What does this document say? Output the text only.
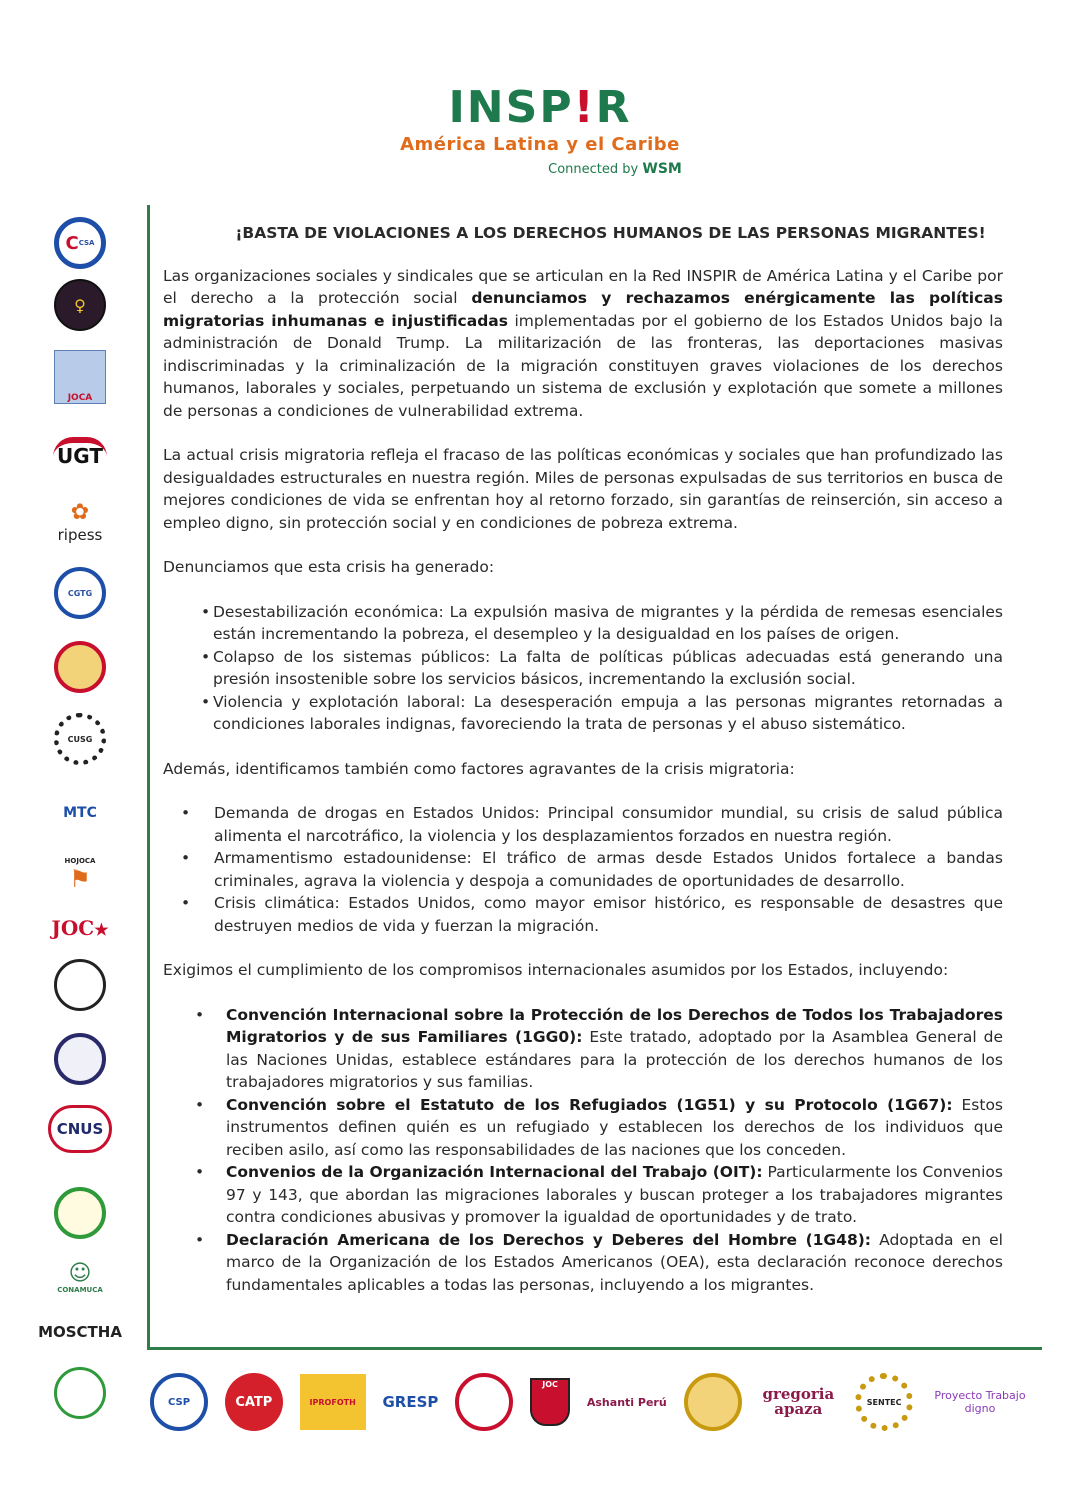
INSP!R
América Latina y el Caribe
Connected by WSM
C CSA
♀
JOCA
UGT
✿
ripess
CGTG
CUSG
MTC
HOJOCA
⚑
JOC★
CNUS
☺
CONAMUCA
MOSCTHA
CSP	CATP	IPROFOTH	GRESP
JOC
Ashanti Perú	gregoria apaza	SENTEC	Proyecto Trabajo digno
¡BASTA DE VIOLACIONES A LOS DERECHOS HUMANOS DE LAS PERSONAS MIGRANTES!

Las organizaciones sociales y sindicales que se articulan en la Red INSPIR de América Latina y el Caribe por el derecho a la protección social denunciamos y rechazamos enérgicamente las políticas migratorias inhumanas e injustificadas implementadas por el gobierno de los Estados Unidos bajo la administración de Donald Trump. La militarización de las fronteras, las deportaciones masivas indiscriminadas y la criminalización de la migración constituyen graves violaciones de los derechos humanos, laborales y sociales, perpetuando un sistema de exclusión y explotación que somete a millones de personas a condiciones de vulnerabilidad extrema.

La actual crisis migratoria refleja el fracaso de las políticas económicas y sociales que han profundizado las desigualdades estructurales en nuestra región. Miles de personas expulsadas de sus territorios en busca de mejores condiciones de vida se enfrentan hoy al retorno forzado, sin garantías de reinserción, sin acceso a empleo digno, sin protección social y en condiciones de pobreza extrema.

Denunciamos que esta crisis ha generado:

• Desestabilización económica: La expulsión masiva de migrantes y la pérdida de remesas esenciales están incrementando la pobreza, el desempleo y la desigualdad en los países de origen.
• Colapso de los sistemas públicos: La falta de políticas públicas adecuadas está generando una presión insostenible sobre los servicios básicos, incrementando la exclusión social.
• Violencia y explotación laboral: La desesperación empuja a las personas migrantes retornadas a condiciones laborales indignas, favoreciendo la trata de personas y el abuso sistemático.

Además, identificamos también como factores agravantes de la crisis migratoria:

• Demanda de drogas en Estados Unidos: Principal consumidor mundial, su crisis de salud pública alimenta el narcotráfico, la violencia y los desplazamientos forzados en nuestra región.
• Armamentismo estadounidense: El tráfico de armas desde Estados Unidos fortalece a bandas criminales, agrava la violencia y despoja a comunidades de oportunidades de desarrollo.
• Crisis climática: Estados Unidos, como mayor emisor histórico, es responsable de desastres que destruyen medios de vida y fuerzan la migración.

Exigimos el cumplimiento de los compromisos internacionales asumidos por los Estados, incluyendo:

• Convención Internacional sobre la Protección de los Derechos de Todos los Trabajadores Migratorios y de sus Familiares (1GG0): Este tratado, adoptado por la Asamblea General de las Naciones Unidas, establece estándares para la protección de los derechos humanos de los trabajadores migratorios y sus familias.
• Convención sobre el Estatuto de los Refugiados (1G51) y su Protocolo (1G67): Estos instrumentos definen quién es un refugiado y establecen los derechos de los individuos que reciben asilo, así como las responsabilidades de las naciones que los conceden.
• Convenios de la Organización Internacional del Trabajo (OIT): Particularmente los Convenios 97 y 143, que abordan las migraciones laborales y buscan proteger a los trabajadores migrantes contra condiciones abusivas y promover la igualdad de oportunidades y de trato.
• Declaración Americana de los Derechos y Deberes del Hombre (1G48): Adoptada en el marco de la Organización de los Estados Americanos (OEA), esta declaración reconoce derechos fundamentales aplicables a todas las personas, incluyendo a los migrantes.
